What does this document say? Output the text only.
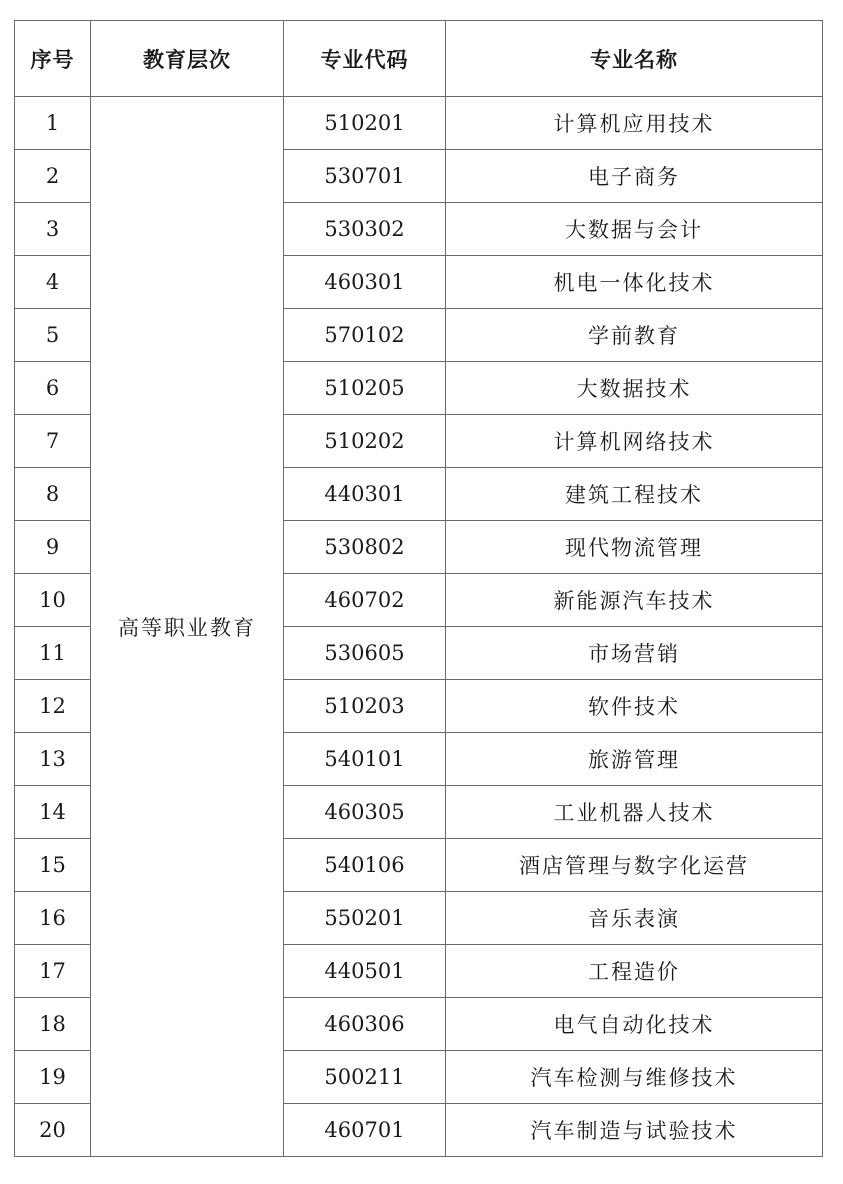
序号	教育层次	专业代码	专业名称
1	高等职业教育	510201	计算机应用技术
2		530701	电子商务
3		530302	大数据与会计
4		460301	机电一体化技术
5		570102	学前教育
6		510205	大数据技术
7		510202	计算机网络技术
8		440301	建筑工程技术
9		530802	现代物流管理
10		460702	新能源汽车技术
11		530605	市场营销
12		510203	软件技术
13		540101	旅游管理
14		460305	工业机器人技术
15		540106	酒店管理与数字化运营
16		550201	音乐表演
17		440501	工程造价
18		460306	电气自动化技术
19		500211	汽车检测与维修技术
20		460701	汽车制造与试验技术
